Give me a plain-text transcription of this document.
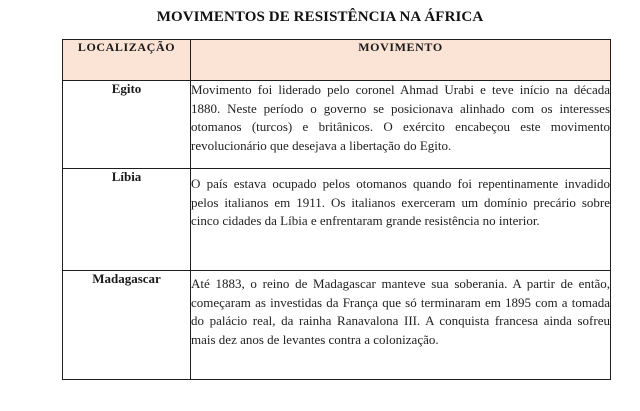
MOVIMENTOS DE RESISTÊNCIA NA ÁFRICA
LOCALIZAÇÃO	MOVIMENTO
Egito	Movimento foi liderado pelo coronel Ahmad Urabi e teve início na década 1880. Neste período o governo se posicionava alinhado com os interesses otomanos (turcos) e britânicos. O exército encabeçou este movimento revolucionário que desejava a libertação do Egito.
Líbia	O país estava ocupado pelos otomanos quando foi repentinamente invadido pelos italianos em 1911. Os italianos exerceram um domínio precário sobre cinco cidades da Líbia e enfrentaram grande resistência no interior.
Madagascar	Até 1883, o reino de Madagascar manteve sua soberania. A partir de então, começaram as investidas da França que só terminaram em 1895 com a tomada do palácio real, da rainha Ranavalona III. A conquista francesa ainda sofreu mais dez anos de levantes contra a colonização.
